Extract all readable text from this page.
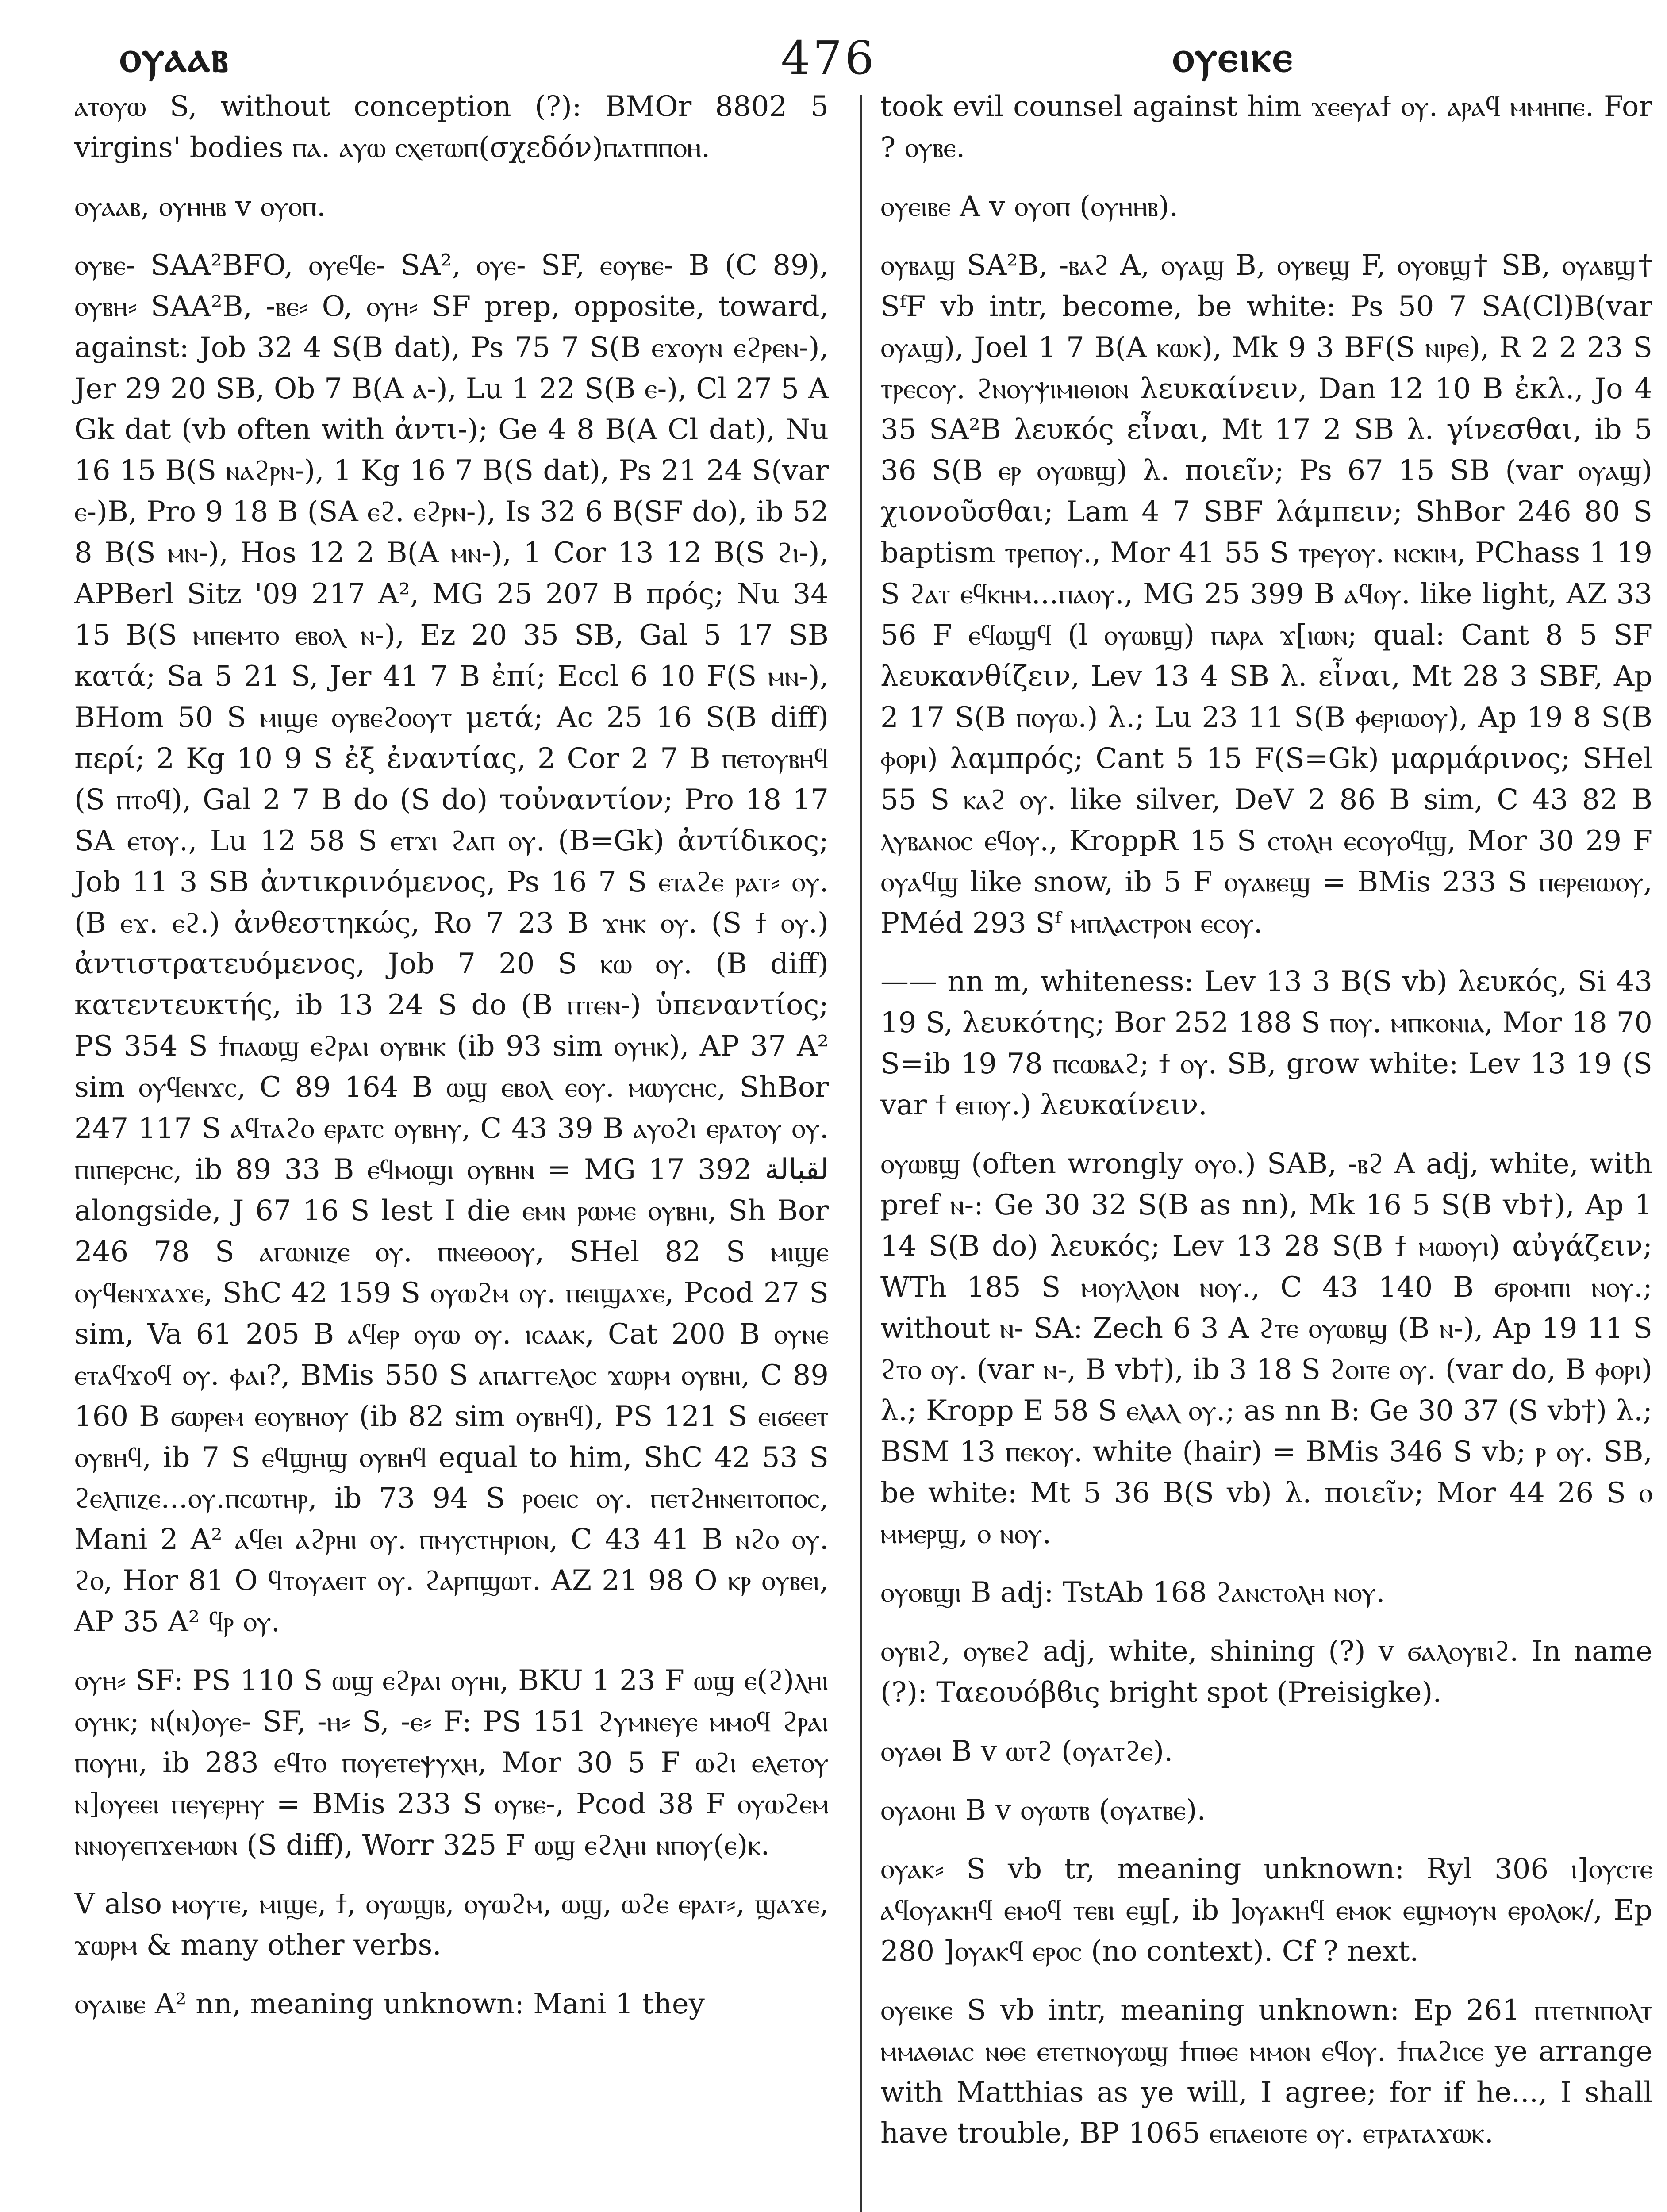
ⲟⲩⲁⲁⲃ	476	ⲟⲩⲉⲓⲕⲉ

ⲁⲧⲟⲩⲱ S, without conception (?): BMOr 8802 5 virgins' bodies ⲡⲁ. ⲁⲩⲱ ⲥⲭⲉⲧⲱⲡ(σχεδόν)ⲡⲁⲧⲡⲡⲟⲏ.

ⲟⲩⲁⲁⲃ, ⲟⲩⲏⲏⲃ v ⲟⲩⲟⲡ.

ⲟⲩⲃⲉ- SAA²BFO, ⲟⲩⲉϥⲉ- SA², ⲟⲩⲉ- SF, ⲉⲟⲩⲃⲉ- B (C 89), ⲟⲩⲃⲏ⸗ SAA²B, -ⲃⲉ⸗ O, ⲟⲩⲏ⸗ SF prep, opposite, toward, against: Job 32 4 S(B dat), Ps 75 7 S(B ⲉϫⲟⲩⲛ ⲉϩⲣⲉⲛ-), Jer 29 20 SB, Ob 7 B(A ⲁ-), Lu 1 22 S(B ⲉ-), Cl 27 5 A Gk dat (vb often with ἀντι-); Ge 4 8 B(A Cl dat), Nu 16 15 B(S ⲛⲁϩⲣⲛ-), 1 Kg 16 7 B(S dat), Ps 21 24 S(var ⲉ-)B, Pro 9 18 B (SA ⲉϩ. ⲉϩⲣⲛ-), Is 32 6 B(SF do), ib 52 8 B(S ⲙⲛ-), Hos 12 2 B(A ⲙⲛ-), 1 Cor 13 12 B(S ϩⲓ-), APBerl Sitz '09 217 A², MG 25 207 B πρός; Nu 34 15 B(S ⲙⲡⲉⲙⲧⲟ ⲉⲃⲟⲗ ⲛ-), Ez 20 35 SB, Gal 5 17 SB κατά; Sa 5 21 S, Jer 41 7 B ἐπί; Eccl 6 10 F(S ⲙⲛ-), BHom 50 S ⲙⲓϣⲉ ⲟⲩⲃⲉϩⲟⲟⲩⲧ μετά; Ac 25 16 S(B diff) περί; 2 Kg 10 9 S ἐξ ἐναντίας, 2 Cor 2 7 B ⲡⲉⲧⲟⲩⲃⲏϥ (S ⲡⲧⲟϥ), Gal 2 7 B do (S do) τοὐναντίον; Pro 18 17 SA ⲉⲧⲟⲩ., Lu 12 58 S ⲉⲧϫⲓ ϩⲁⲡ ⲟⲩ. (B=Gk) ἀντίδικος; Job 11 3 SB ἀντικρινόμενος, Ps 16 7 S ⲉⲧⲁϩⲉ ⲣⲁⲧ⸗ ⲟⲩ. (B ⲉϫ. ⲉϩ.) ἀνθεστηκώς, Ro 7 23 B ϫⲏⲕ ⲟⲩ. (S ϯ ⲟⲩ.) ἀντιστρατευόμενος, Job 7 20 S ⲕⲱ ⲟⲩ. (B diff) κατεντευκτής, ib 13 24 S do (B ⲡⲧⲉⲛ-) ὑπεναντίος; PS 354 S ϯⲡⲁⲱϣ ⲉϩⲣⲁⲓ ⲟⲩⲃⲏⲕ (ib 93 sim ⲟⲩⲏⲕ), AP 37 A² sim ⲟⲩϥⲉⲛϫⲥ, C 89 164 B ⲱϣ ⲉⲃⲟⲗ ⲉⲟⲩ. ⲙⲱⲩⲥⲏⲥ, ShBor 247 117 S ⲁϥⲧⲁϩⲟ ⲉⲣⲁⲧⲥ ⲟⲩⲃⲏⲩ, C 43 39 B ⲁⲩⲟϩⲓ ⲉⲣⲁⲧⲟⲩ ⲟⲩ. ⲡⲓⲡⲉⲣⲥⲏⲥ, ib 89 33 B ⲉϥⲙⲟϣⲓ ⲟⲩⲃⲏⲛ = MG 17 392 لقبالة alongside, J 67 16 S lest I die ⲉⲙⲛ ⲣⲱⲙⲉ ⲟⲩⲃⲏⲓ, Sh Bor 246 78 S ⲁⲅⲱⲛⲓⲍⲉ ⲟⲩ. ⲡⲛⲉⲑⲟⲟⲩ, SHel 82 S ⲙⲓϣⲉ ⲟⲩϥⲉⲛϫⲁϫⲉ, ShC 42 159 S ⲟⲩⲱϩⲙ ⲟⲩ. ⲡⲉⲓϣⲁϫⲉ, Pcod 27 S sim, Va 61 205 B ⲁϥⲉⲣ ⲟⲩⲱ ⲟⲩ. ⲓⲥⲁⲁⲕ, Cat 200 B ⲟⲩⲛⲉ ⲉⲧⲁϥϫⲟϥ ⲟⲩ. ⲫⲁⲓ?, BMis 550 S ⲁⲡⲁⲅⲅⲉⲗⲟⲥ ϫⲱⲣⲙ ⲟⲩⲃⲏⲓ, C 89 160 B ϭⲱⲣⲉⲙ ⲉⲟⲩⲃⲏⲟⲩ (ib 82 sim ⲟⲩⲃⲏϥ), PS 121 S ⲉⲓϭⲉⲉⲧ ⲟⲩⲃⲏϥ, ib 7 S ⲉϥϣⲏϣ ⲟⲩⲃⲏϥ equal to him, ShC 42 53 S ϩⲉⲗⲡⲓⲍⲉ...ⲟⲩ.ⲡⲥⲱⲧⲏⲣ, ib 73 94 S ⲣⲟⲉⲓⲥ ⲟⲩ. ⲡⲉⲧϩⲏⲛⲉⲓⲧⲟⲡⲟⲥ, Mani 2 A² ⲁϥⲉⲓ ⲁϩⲣⲏⲓ ⲟⲩ. ⲡⲙⲩⲥⲧⲏⲣⲓⲟⲛ, C 43 41 B ⲛϩⲟ ⲟⲩ. ϩⲟ, Hor 81 O ϥⲧⲟⲩⲁⲉⲓⲧ ⲟⲩ. ϩⲁⲣⲡϣⲱⲧ. AZ 21 98 O ⲕⲣ ⲟⲩⲃⲉⲓ, AP 35 A² ϥⲣ ⲟⲩ.

ⲟⲩⲏ⸗ SF: PS 110 S ⲱϣ ⲉϩⲣⲁⲓ ⲟⲩⲏⲓ, BKU 1 23 F ⲱϣ ⲉ(ϩ)ⲗⲏⲓ ⲟⲩⲏⲕ; ⲛ(ⲛ)ⲟⲩⲉ- SF, -ⲏ⸗ S, -ⲉ⸗ F: PS 151 ϩⲩⲙⲛⲉⲩⲉ ⲙⲙⲟϥ ϩⲣⲁⲓ ⲡⲟⲩⲏⲓ, ib 283 ⲉϥⲧⲟ ⲡⲟⲩⲉⲧⲉⲯⲩⲭⲏ, Mor 30 5 F ⲱϩⲓ ⲉⲗⲉⲧⲟⲩ ⲛ]ⲟⲩⲉⲉⲓ ⲡⲉⲩⲉⲣⲏⲩ = BMis 233 S ⲟⲩⲃⲉ-, Pcod 38 F ⲟⲩⲱϩⲉⲙ ⲛⲛⲟⲩⲉⲡϫⲉⲙⲱⲛ (S diff), Worr 325 F ⲱϣ ⲉϩⲗⲏⲓ ⲛⲡⲟⲩ(ⲉ)ⲕ.

V also ⲙⲟⲩⲧⲉ, ⲙⲓϣⲉ, ϯ, ⲟⲩⲱϣⲃ, ⲟⲩⲱϩⲙ, ⲱϣ, ⲱϩⲉ ⲉⲣⲁⲧ⸗, ϣⲁϫⲉ, ϫⲱⲣⲙ & many other verbs.

ⲟⲩⲁⲓⲃⲉ A² nn, meaning unknown: Mani 1 they

took evil counsel against him ϫⲉⲉⲩⲁϯ ⲟⲩ. ⲁⲣⲁϥ ⲙⲙⲏⲡⲉ. For ? ⲟⲩⲃⲉ.

ⲟⲩⲉⲓⲃⲉ A v ⲟⲩⲟⲡ (ⲟⲩⲏⲏⲃ).

ⲟⲩⲃⲁϣ SA²B, -ⲃⲁϩ A, ⲟⲩⲁϣ B, ⲟⲩⲃⲉϣ F, ⲟⲩⲟⲃϣ† SB, ⲟⲩⲁⲃϣ† SᶠF vb intr, become, be white: Ps 50 7 SA(Cl)B(var ⲟⲩⲁϣ), Joel 1 7 B(A ⲕⲱⲕ), Mk 9 3 BF(S ⲛⲓⲣⲉ), R 2 2 23 S ⲧⲣⲉⲥⲟⲩ. ϩⲛⲟⲩⲯⲓⲙⲓⲑⲓⲟⲛ λευκαίνειν, Dan 12 10 B ἐκλ., Jo 4 35 SA²B λευκός εἶναι, Mt 17 2 SB λ. γίνεσθαι, ib 5 36 S(B ⲉⲣ ⲟⲩⲱⲃϣ) λ. ποιεῖν; Ps 67 15 SB (var ⲟⲩⲁϣ) χιονοῦσθαι; Lam 4 7 SBF λάμπειν; ShBor 246 80 S baptism ⲧⲣⲉⲡⲟⲩ., Mor 41 55 S ⲧⲣⲉⲩⲟⲩ. ⲛⲥⲕⲓⲙ, PChass 1 19 S ϩⲁⲧ ⲉϥⲕⲏⲙ...ⲡⲁⲟⲩ., MG 25 399 B ⲁϥⲟⲩ. like light, AZ 33 56 F ⲉϥⲱϣϥ (l ⲟⲩⲱⲃϣ) ⲡⲁⲣⲁ ϫ[ⲓⲱⲛ; qual: Cant 8 5 SF λευκανθίζειν, Lev 13 4 SB λ. εἶναι, Mt 28 3 SBF, Ap 2 17 S(B ⲡⲟⲩⲱ.) λ.; Lu 23 11 S(B ⲫⲉⲣⲓⲱⲟⲩ), Ap 19 8 S(B ⲫⲟⲣⲓ) λαμπρός; Cant 5 15 F(S=Gk) μαρμάρινος; SHel 55 S ⲕⲁϩ ⲟⲩ. like silver, DeV 2 86 B sim, C 43 82 B ⲗⲩⲃⲁⲛⲟⲥ ⲉϥⲟⲩ., KroppR 15 S ⲥⲧⲟⲗⲏ ⲉⲥⲟⲩⲟϥϣ, Mor 30 29 F ⲟⲩⲁϥϣ like snow, ib 5 F ⲟⲩⲁⲃⲉϣ = BMis 233 S ⲡⲉⲣⲉⲓⲱⲟⲩ, PMéd 293 Sᶠ ⲙⲡⲗⲁⲥⲧⲣⲟⲛ ⲉⲥⲟⲩ.

—— nn m, whiteness: Lev 13 3 B(S vb) λευκός, Si 43 19 S, λευκότης; Bor 252 188 S ⲡⲟⲩ. ⲙⲡⲕⲟⲛⲓⲁ, Mor 18 70 S=ib 19 78 ⲡⲥⲱⲃⲁϩ; ϯ ⲟⲩ. SB, grow white: Lev 13 19 (S var ϯ ⲉⲡⲟⲩ.) λευκαίνειν.

ⲟⲩⲱⲃϣ (often wrongly ⲟⲩⲟ.) SAB, -ⲃϩ A adj, white, with pref ⲛ-: Ge 30 32 S(B as nn), Mk 16 5 S(B vb†), Ap 1 14 S(B do) λευκός; Lev 13 28 S(B ϯ ⲙⲱⲟⲩⲓ) αὐγάζειν; WTh 185 S ⲙⲟⲩⲗⲗⲟⲛ ⲛⲟⲩ., C 43 140 B ϭⲣⲟⲙⲡⲓ ⲛⲟⲩ.; without ⲛ- SA: Zech 6 3 A ϩⲧⲉ ⲟⲩⲱⲃϣ (B ⲛ-), Ap 19 11 S ϩⲧⲟ ⲟⲩ. (var ⲛ-, B vb†), ib 3 18 S ϩⲟⲓⲧⲉ ⲟⲩ. (var do, B ⲫⲟⲣⲓ) λ.; Kropp E 58 S ⲉⲗⲁⲗ ⲟⲩ.; as nn B: Ge 30 37 (S vb†) λ.; BSM 13 ⲡⲉⲕⲟⲩ. white (hair) = BMis 346 S vb; ⲣ ⲟⲩ. SB, be white: Mt 5 36 B(S vb) λ. ποιεῖν; Mor 44 26 S ⲟ ⲙⲙⲉⲣϣ, ⲟ ⲛⲟⲩ.

ⲟⲩⲟⲃϣⲓ B adj: TstAb 168 ϩⲁⲛⲥⲧⲟⲗⲏ ⲛⲟⲩ.

ⲟⲩⲃⲓϩ, ⲟⲩⲃⲉϩ adj, white, shining (?) v ϭⲁⲗⲟⲩⲃⲓϩ. In name (?): Ταεουόβϐις bright spot (Preisigke).

ⲟⲩⲁⲑⲓ B v ⲱⲧϩ (ⲟⲩⲁⲧϩⲉ).

ⲟⲩⲁⲑⲏⲓ B v ⲟⲩⲱⲧⲃ (ⲟⲩⲁⲧⲃⲉ).

ⲟⲩⲁⲕ⸗ S vb tr, meaning unknown: Ryl 306 ⲓ]ⲟⲩⲥⲧⲉ ⲁϥⲟⲩⲁⲕⲏϥ ⲉⲙⲟϥ ⲧⲉⲃⲓ ⲉϣ[, ib ]ⲟⲩⲁⲕⲏϥ ⲉⲙⲟⲕ ⲉϣⲙⲟⲩⲛ ⲉⲣⲟⲗⲟⲕ/, Ep 280 ]ⲟⲩⲁⲕϥ ⲉⲣⲟⲥ (no context). Cf ? next.

ⲟⲩⲉⲓⲕⲉ S vb intr, meaning unknown: Ep 261 ⲡⲧⲉⲧⲛⲡⲟⲗⲧ ⲙⲙⲁⲑⲓⲁⲥ ⲛⲑⲉ ⲉⲧⲉⲧⲛⲟⲩⲱϣ ϯⲡⲓⲑⲉ ⲙⲙⲟⲛ ⲉϥⲟⲩ. ϯⲡⲁϩⲓⲥⲉ ye arrange with Matthias as ye will, I agree; for if he..., I shall have trouble, BP 1065 ⲉⲡⲁⲉⲓⲟⲧⲉ ⲟⲩ. ⲉⲧⲣⲁⲧⲁϫⲱⲕ.
